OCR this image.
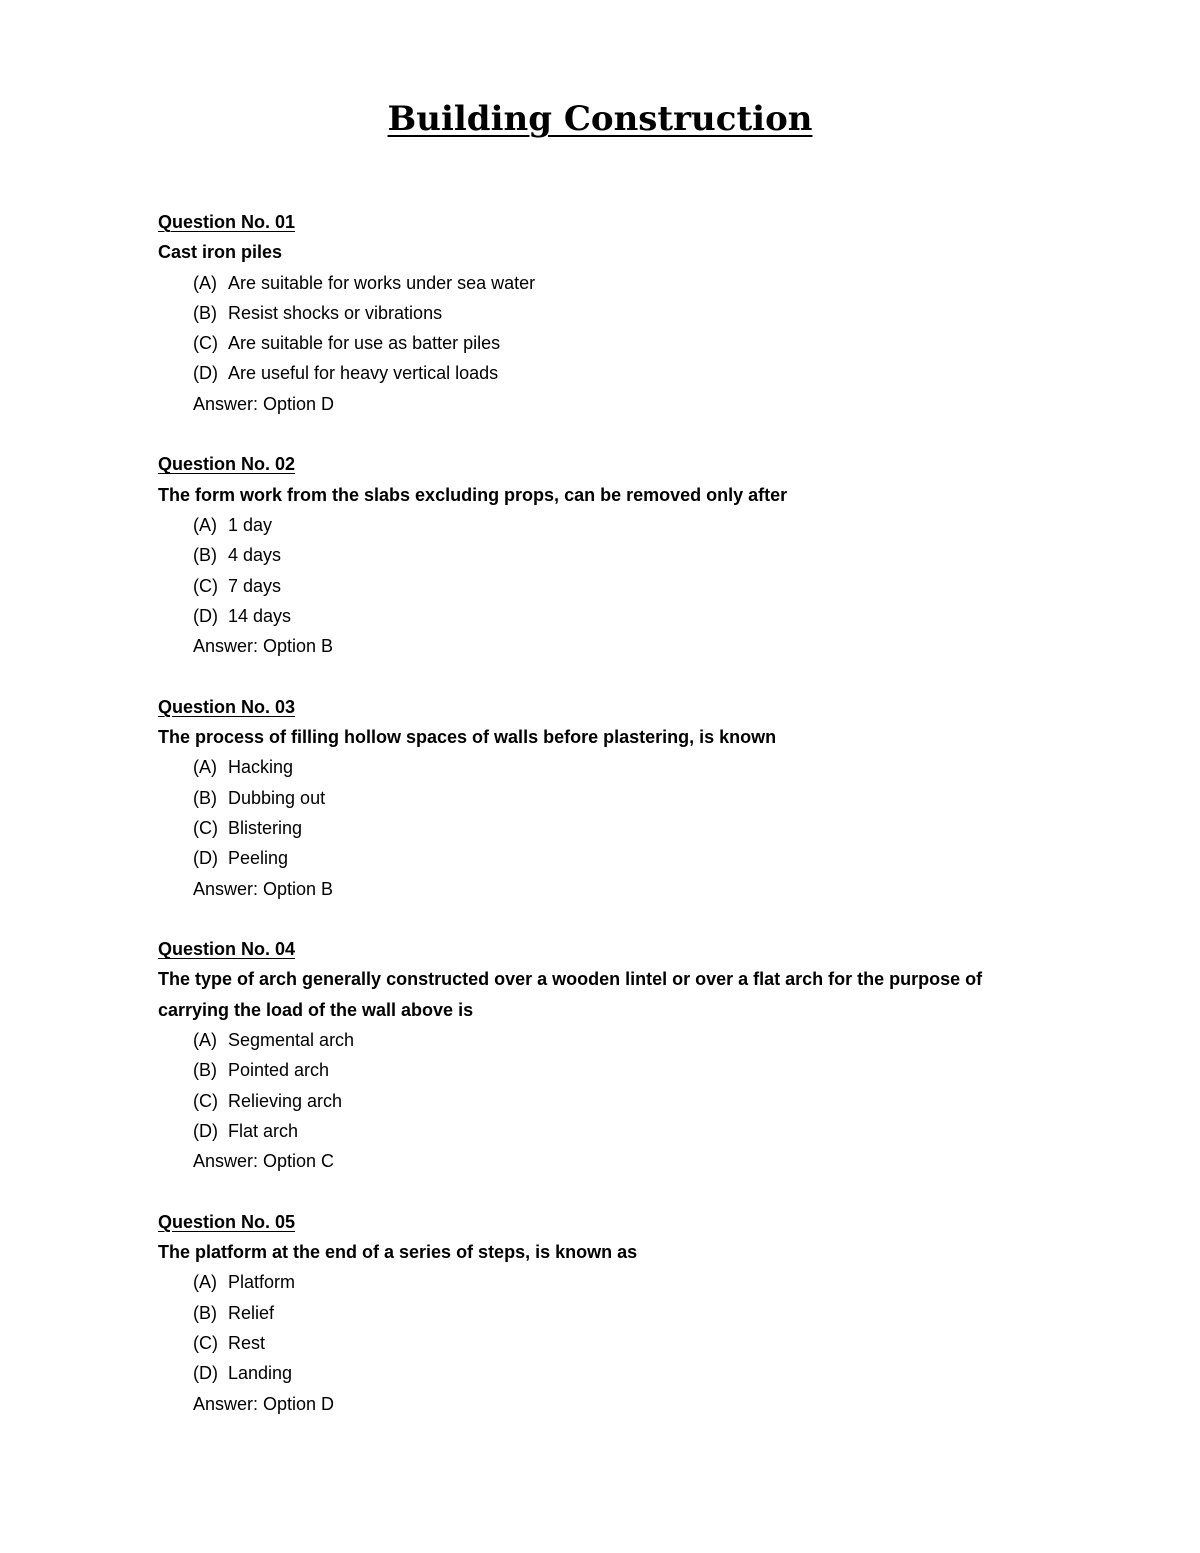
Building Construction
Question No. 01
Cast iron piles
(A) Are suitable for works under sea water
(B) Resist shocks or vibrations
(C) Are suitable for use as batter piles
(D) Are useful for heavy vertical loads
Answer: Option D
Question No. 02
The form work from the slabs excluding props, can be removed only after
(A) 1 day
(B) 4 days
(C) 7 days
(D) 14 days
Answer: Option B
Question No. 03
The process of filling hollow spaces of walls before plastering, is known
(A) Hacking
(B) Dubbing out
(C) Blistering
(D) Peeling
Answer: Option B
Question No. 04
The type of arch generally constructed over a wooden lintel or over a flat arch for the purpose of carrying the load of the wall above is
(A) Segmental arch
(B) Pointed arch
(C) Relieving arch
(D) Flat arch
Answer: Option C
Question No. 05
The platform at the end of a series of steps, is known as
(A) Platform
(B) Relief
(C) Rest
(D) Landing
Answer: Option D
